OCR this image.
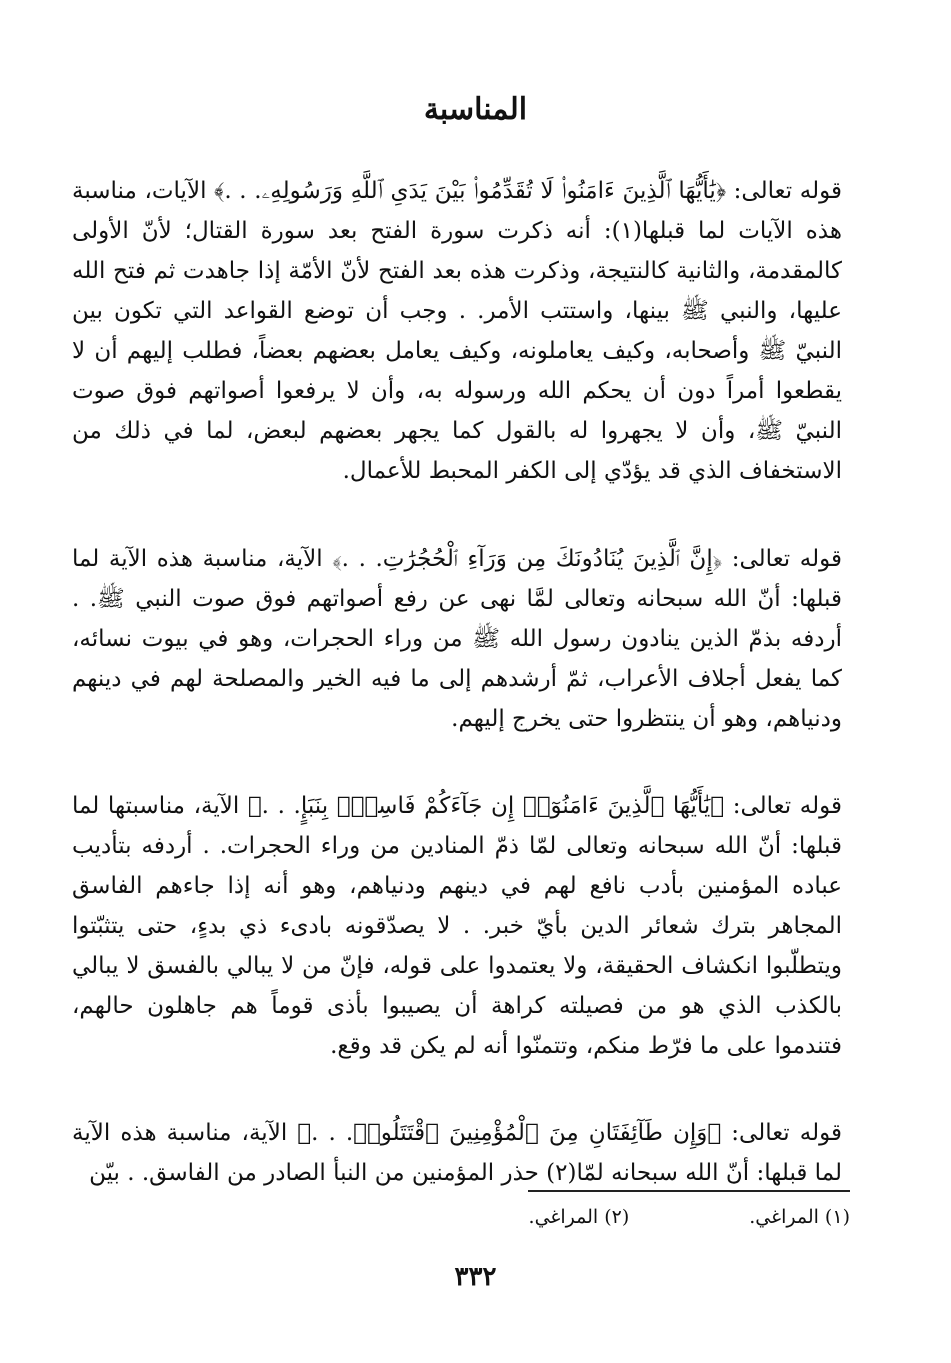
المناسبة

قوله تعالى: ﴿يَٰأَيُّهَا ٱلَّذِينَ ءَامَنُوا۟ لَا تُقَدِّمُوا۟ بَيْنَ يَدَىِ ٱللَّهِ وَرَسُولِهِۦ. . .﴾ الآيات، مناسبة هذه الآيات لما قبلها(١): أنه ذكرت سورة الفتح بعد سورة القتال؛ لأنّ الأولى كالمقدمة، والثانية كالنتيجة، وذكرت هذه بعد الفتح لأنّ الأمّة إذا جاهدت ثم فتح الله عليها، والنبي ﷺ بينها، واستتب الأمر. . وجب أن توضع القواعد التي تكون بين النبيّ ﷺ وأصحابه، وكيف يعاملونه، وكيف يعامل بعضهم بعضاً، فطلب إليهم أن لا يقطعوا أمراً دون أن يحكم الله ورسوله به، وأن لا يرفعوا أصواتهم فوق صوت النبيّ ﷺ، وأن لا يجهروا له بالقول كما يجهر بعضهم لبعض، لما في ذلك من الاستخفاف الذي قد يؤدّي إلى الكفر المحبط للأعمال.

قوله تعالى: ﴿إِنَّ ٱلَّذِينَ يُنَادُونَكَ مِن وَرَآءِ ٱلْحُجُرَٰتِ. . .﴾ الآية، مناسبة هذه الآية لما قبلها: أنّ الله سبحانه وتعالى لمَّا نهى عن رفع أصواتهم فوق صوت النبي ﷺ. . أردفه بذمّ الذين ينادون رسول الله ﷺ من وراء الحجرات، وهو في بيوت نسائه، كما يفعل أجلاف الأعراب، ثمّ أرشدهم إلى ما فيه الخير والمصلحة لهم في دينهم ودنياهم، وهو أن ينتظروا حتى يخرج إليهم.

قوله تعالى: ﴿يَٰأَيُّهَا ٱلَّذِينَ ءَامَنُوٓا۟ إِن جَآءَكُمْ فَاسِقٌۢ بِنَبَإٍ. . .﴾ الآية، مناسبتها لما قبلها: أنّ الله سبحانه وتعالى لمّا ذمّ المنادين من وراء الحجرات. . أردفه بتأديب عباده المؤمنين بأدب نافع لهم في دينهم ودنياهم، وهو أنه إذا جاءهم الفاسق المجاهر بترك شعائر الدين بأيّ خبر. . لا يصدّقونه بادىء ذي بدءٍ، حتى يتثبّتوا ويتطلّبوا انكشاف الحقيقة، ولا يعتمدوا على قوله، فإنّ من لا يبالي بالفسق لا يبالي بالكذب الذي هو من فصيلته كراهة أن يصيبوا بأذى قوماً هم جاهلون حالهم، فتندموا على ما فرّط منكم، وتتمنّوا أنه لم يكن قد وقع.

قوله تعالى: ﴿وَإِن طَآئِفَتَانِ مِنَ ٱلْمُؤْمِنِينَ ٱقْتَتَلُوا۟. . .﴾ الآية، مناسبة هذه الآية لما قبلها: أنّ الله سبحانه لمّا(٢) حذر المؤمنين من النبأ الصادر من الفاسق. . بيّن

(١) المراغي.
(٢) المراغي.
٣٣٢
